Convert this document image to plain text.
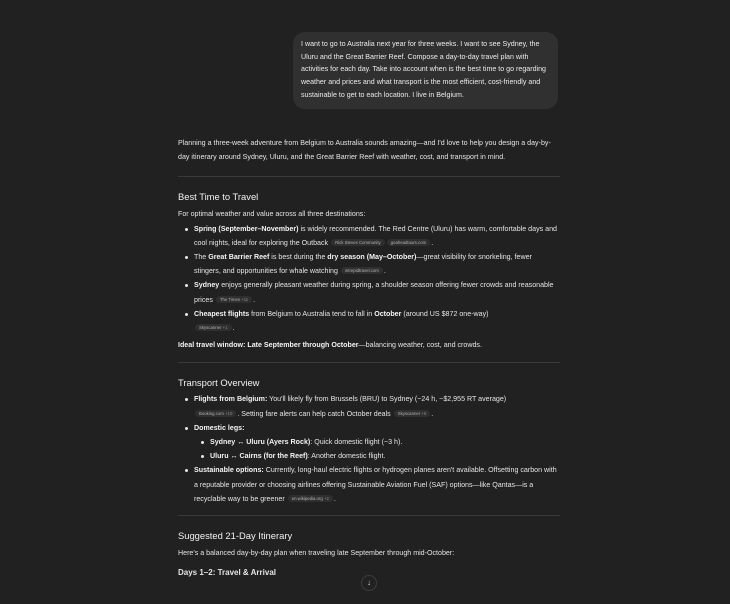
I want to go to Australia next year for three weeks. I want to see Sydney, the Uluru and the Great Barrier Reef. Compose a day-to-day travel plan with activities for each day. Take into account when is the best time to go regarding weather and prices and what transport is the most efficient, cost-friendly and sustainable to get to each location. I live in Belgium.

Planning a three-week adventure from Belgium to Australia sounds amazing—and I'd love to help you design a day-by-day itinerary around Sydney, Uluru, and the Great Barrier Reef with weather, cost, and transport in mind.

Best Time to Travel

For optimal weather and value across all three destinations:

Spring (September–November) is widely recommended. The Red Centre (Uluru) has warm, comfortable days and cool nights, ideal for exploring the Outback Rick Steves Community goaheadtours.com .
The Great Barrier Reef is best during the dry season (May–October)—great visibility for snorkeling, fewer stingers, and opportunities for whale watching intrepidtravel.com .
Sydney enjoys generally pleasant weather during spring, a shoulder season offering fewer crowds and reasonable prices The Times +11 .
Cheapest flights from Belgium to Australia tend to fall in October (around US $872 one-way)
Skyscanner +1 .

Ideal travel window: Late September through October—balancing weather, cost, and crowds.

Transport Overview
Flights from Belgium: You'll likely fly from Brussels (BRU) to Sydney (~24 h, ~$2,955 RT average)
Booking.com +10 . Setting fare alerts can help catch October deals Skyscanner +6 .
Domestic legs:
Sydney ↔ Uluru (Ayers Rock): Quick domestic flight (~3 h).
Uluru ↔ Cairns (for the Reef): Another domestic flight.
Sustainable options: Currently, long-haul electric flights or hydrogen planes aren't available. Offsetting carbon with a reputable provider or choosing airlines offering Sustainable Aviation Fuel (SAF) options—like Qantas—is a recyclable way to be greener en.wikipedia.org +2 .
Suggested 21-Day Itinerary

Here's a balanced day-by-day plan when traveling late September through mid-October:

Days 1–2: Travel & Arrival

↓
